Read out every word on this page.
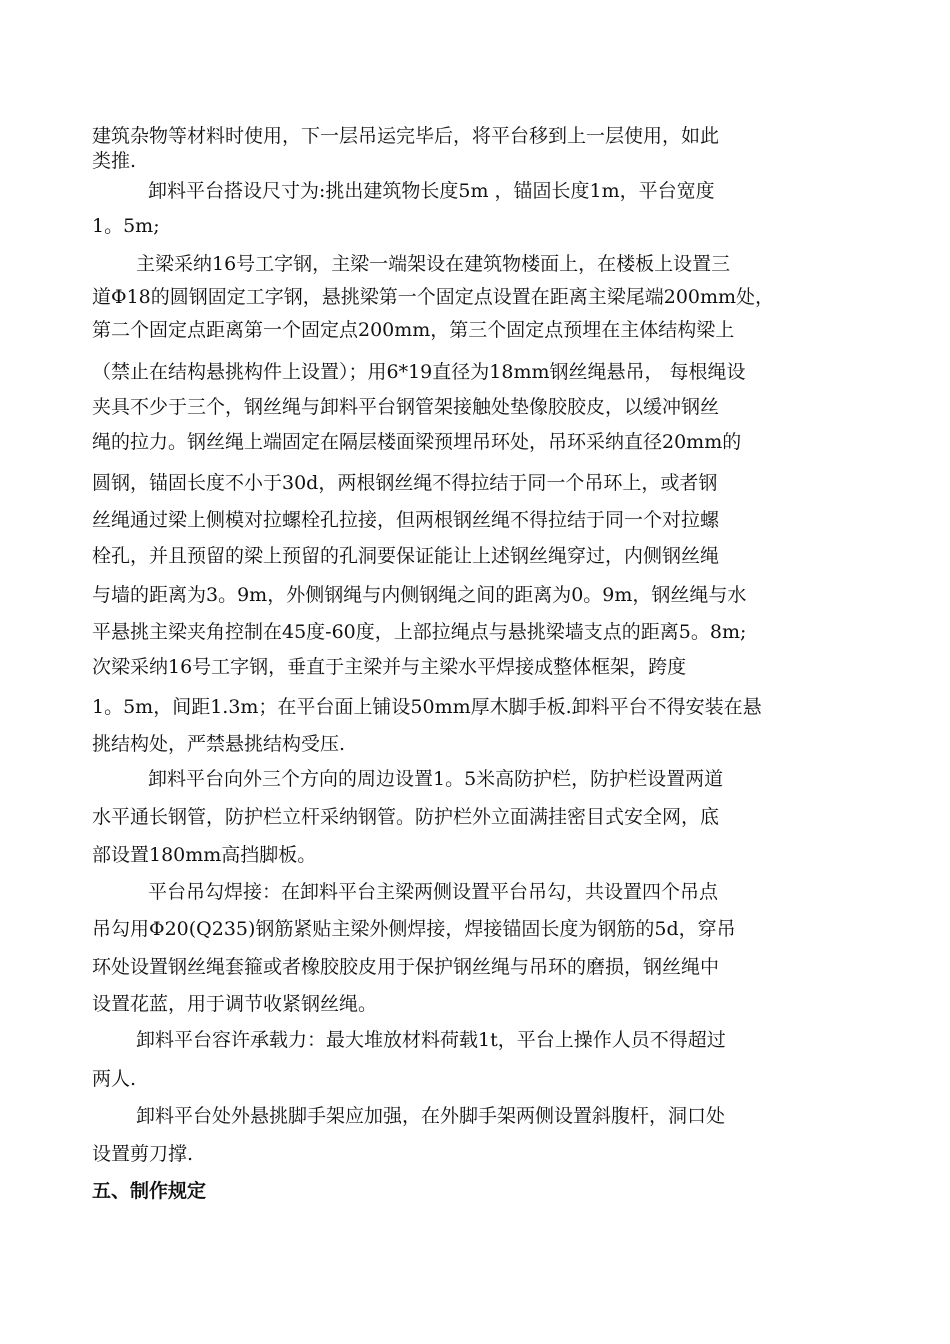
建筑杂物等材料时使用，下一层吊运完毕后，将平台移到上一层使用，如此
类推.
卸料平台搭设尺寸为:挑出建筑物长度5m ，锚固长度1m，平台宽度
1。5m;
主梁采纳16号工字钢，主梁一端架设在建筑物楼面上，在楼板上设置三
道Φ18的圆钢固定工字钢，悬挑梁第一个固定点设置在距离主梁尾端200mm处，
第二个固定点距离第一个固定点200mm，第三个固定点预埋在主体结构梁上
（禁止在结构悬挑构件上设置）；用6*19直径为18mm钢丝绳悬吊， 每根绳设
夹具不少于三个，钢丝绳与卸料平台钢管架接触处垫像胶胶皮，以缓冲钢丝
绳的拉力。钢丝绳上端固定在隔层楼面梁预埋吊环处，吊环采纳直径20mm的
圆钢，锚固长度不小于30d，两根钢丝绳不得拉结于同一个吊环上，或者钢
丝绳通过梁上侧模对拉螺栓孔拉接，但两根钢丝绳不得拉结于同一个对拉螺
栓孔，并且预留的梁上预留的孔洞要保证能让上述钢丝绳穿过，内侧钢丝绳
与墙的距离为3。9m，外侧钢绳与内侧钢绳之间的距离为0。9m，钢丝绳与水
平悬挑主梁夹角控制在45度-60度，上部拉绳点与悬挑梁墙支点的距离5。8m;
次梁采纳16号工字钢，垂直于主梁并与主梁水平焊接成整体框架，跨度
1。5m，间距1.3m；在平台面上铺设50mm厚木脚手板.卸料平台不得安装在悬
挑结构处，严禁悬挑结构受压.
卸料平台向外三个方向的周边设置1。5米高防护栏，防护栏设置两道
水平通长钢管，防护栏立杆采纳钢管。防护栏外立面满挂密目式安全网，底
部设置180mm高挡脚板。
平台吊勾焊接：在卸料平台主梁两侧设置平台吊勾，共设置四个吊点
吊勾用Φ20(Q235)钢筋紧贴主梁外侧焊接，焊接锚固长度为钢筋的5d，穿吊
环处设置钢丝绳套箍或者橡胶胶皮用于保护钢丝绳与吊环的磨损，钢丝绳中
设置花蓝，用于调节收紧钢丝绳。
卸料平台容许承载力：最大堆放材料荷载1t，平台上操作人员不得超过
两人.
卸料平台处外悬挑脚手架应加强，在外脚手架两侧设置斜腹杆，洞口处
设置剪刀撑.
五、制作规定
